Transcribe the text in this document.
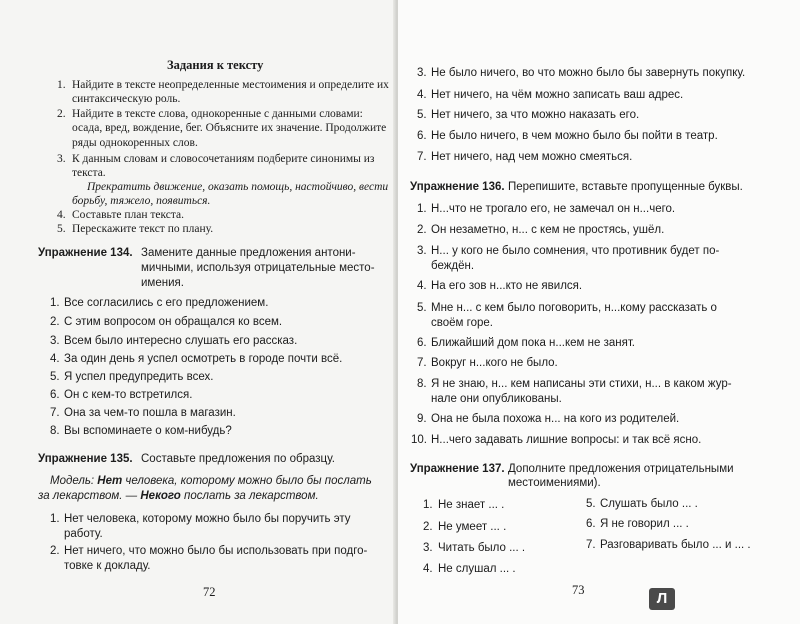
Задания к тексту
1. Найдите в тексте неопределенные местоимения и определите их
синтаксическую роль.
2. Найдите в тексте слова, однокоренные с данными словами:
осада, вред, вождение, бег. Объясните их значение. Продолжите
ряды однокоренных слов.
3. К данным словам и словосочетаниям подберите синонимы из
текста.
Прекратить движение, оказать помощь, настойчиво, вести
борьбу, тяжело, появиться.
4. Составьте план текста.
5. Перескажите текст по плану.
Упражнение 134. Замените данные предложения антони-
мичными, используя отрицательные место-
имения.
1. Все согласились с его предложением.
2. С этим вопросом он обращался ко всем.
3. Всем было интересно слушать его рассказ.
4. За один день я успел осмотреть в городе почти всё.
5. Я успел предупредить всех.
6. Он с кем-то встретился.
7. Она за чем-то пошла в магазин.
8. Вы вспоминаете о ком-нибудь?
Упражнение 135. Составьте предложения по образцу.
Модель: Нет человека, которому можно было бы послать
за лекарством. — Некого послать за лекарством.
1. Нет человека, которому можно было бы поручить эту
работу.
2. Нет ничего, что можно было бы использовать при подго-
товке к докладу.
72
3. Не было ничего, во что можно было бы завернуть покупку.
4. Нет ничего, на чём можно записать ваш адрес.
5. Нет ничего, за что можно наказать его.
6. Не было ничего, в чем можно было бы пойти в театр.
7. Нет ничего, над чем можно смеяться.
Упражнение 136. Перепишите, вставьте пропущенные буквы.
1. Н...что не трогало его, не замечал он н...чего.
2. Он незаметно, н... с кем не простясь, ушёл.
3. Н... у кого не было сомнения, что противник будет по-
беждён.
4. На его зов н...кто не явился.
5. Мне н... с кем было поговорить, н...кому рассказать о
своём горе.
6. Ближайший дом пока н...кем не занят.
7. Вокруг н...кого не было.
8. Я не знаю, н... кем написаны эти стихи, н... в каком жур-
нале они опубликованы.
9. Она не была похожа н... на кого из родителей.
10. Н...чего задавать лишние вопросы: и так всё ясно.
Упражнение 137. Дополните предложения отрицательными
местоимениями).
1. Не знает ... .
2. Не умеет ... .
3. Читать было ... .
4. Не слушал ... .
5. Слушать было ... .
6. Я не говорил ... .
7. Разговаривать было ... и ... .
73	Л
